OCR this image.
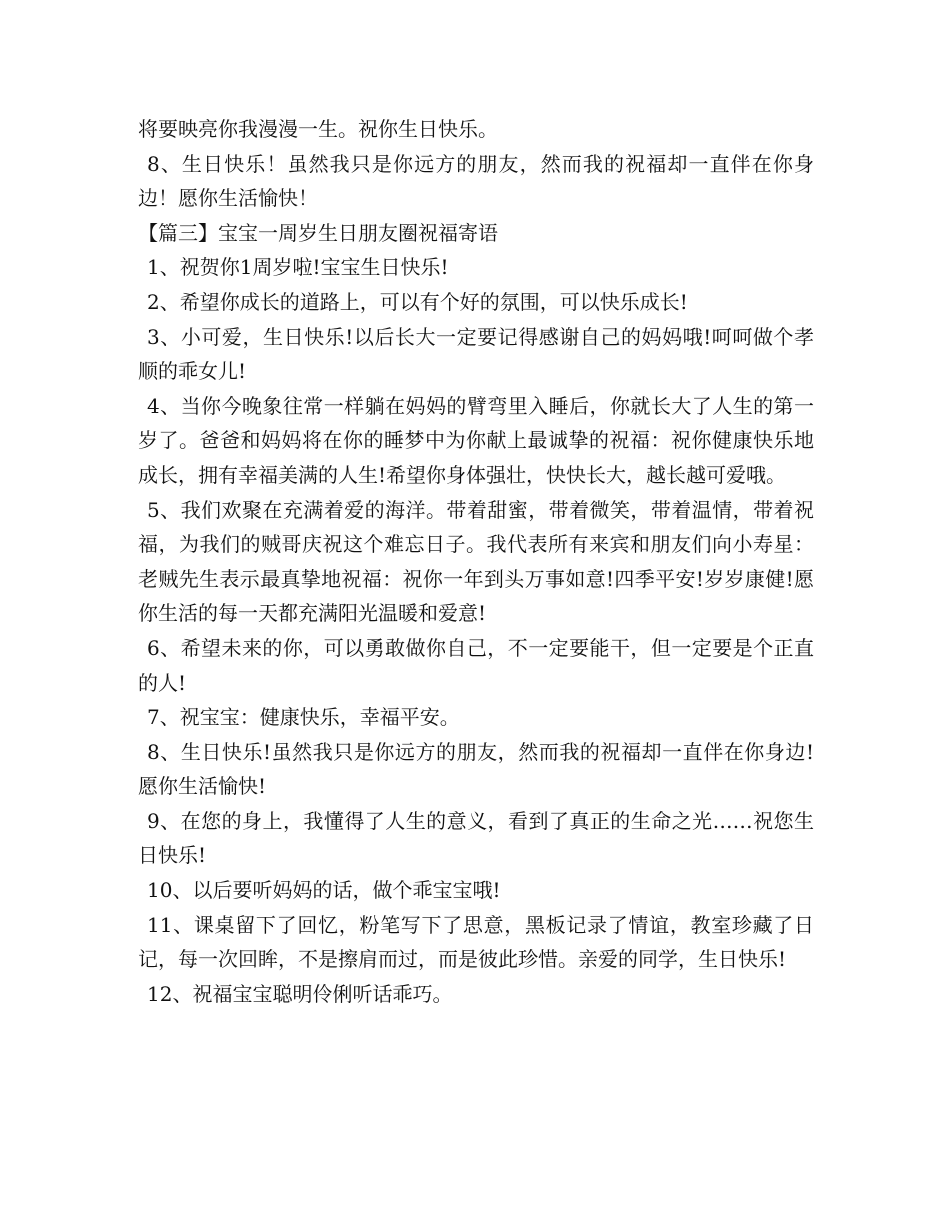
将要映亮你我漫漫一生。祝你生日快乐。

8、生日快乐！虽然我只是你远方的朋友，然而我的祝福却一直伴在你身边！愿你生活愉快！

【篇三】宝宝一周岁生日朋友圈祝福寄语

1、祝贺你1周岁啦!宝宝生日快乐!

2、希望你成长的道路上，可以有个好的氛围，可以快乐成长!

3、小可爱，生日快乐!以后长大一定要记得感谢自己的妈妈哦!呵呵做个孝顺的乖女儿!

4、当你今晚象往常一样躺在妈妈的臂弯里入睡后，你就长大了人生的第一岁了。爸爸和妈妈将在你的睡梦中为你献上最诚挚的祝福：祝你健康快乐地成长，拥有幸福美满的人生!希望你身体强壮，快快长大，越长越可爱哦。

5、我们欢聚在充满着爱的海洋。带着甜蜜，带着微笑，带着温情，带着祝福，为我们的贼哥庆祝这个难忘日子。我代表所有来宾和朋友们向小寿星：老贼先生表示最真挚地祝福：祝你一年到头万事如意!四季平安!岁岁康健!愿你生活的每一天都充满阳光温暖和爱意!

6、希望未来的你，可以勇敢做你自己，不一定要能干，但一定要是个正直的人!

7、祝宝宝：健康快乐，幸福平安。

8、生日快乐!虽然我只是你远方的朋友，然而我的祝福却一直伴在你身边!愿你生活愉快!

9、在您的身上，我懂得了人生的意义，看到了真正的生命之光……祝您生日快乐!

10、以后要听妈妈的话，做个乖宝宝哦!

11、课桌留下了回忆，粉笔写下了思意，黑板记录了情谊，教室珍藏了日记，每一次回眸，不是擦肩而过，而是彼此珍惜。亲爱的同学，生日快乐!

12、祝福宝宝聪明伶俐听话乖巧。
